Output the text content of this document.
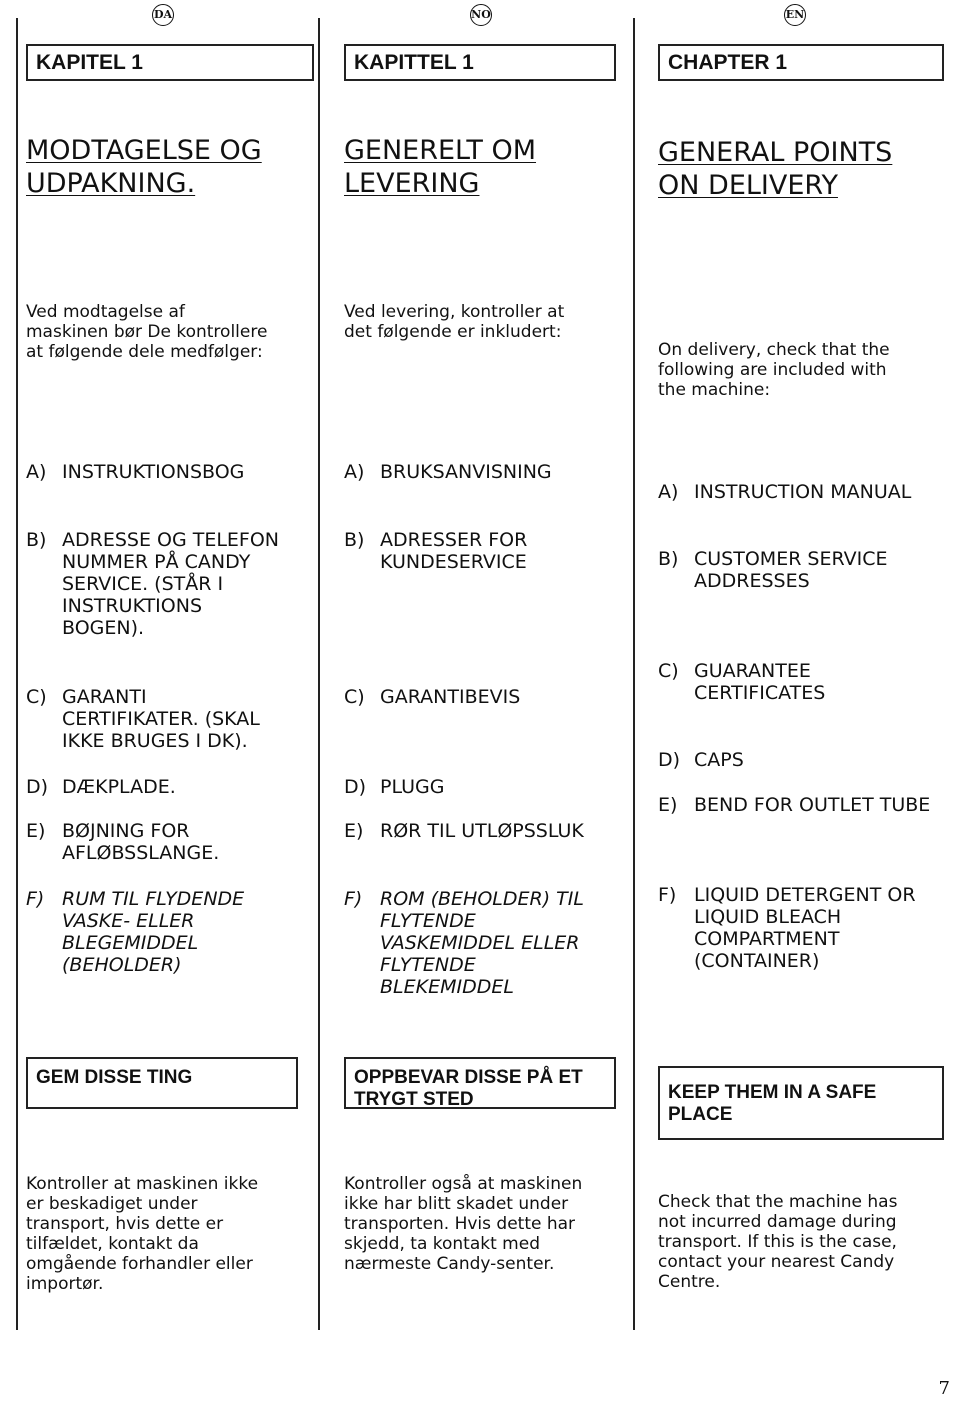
DA	NO	EN
KAPITEL 1
MODTAGELSE OG
UDPAKNING.
Ved modtagelse af
maskinen bør De kontrollere
at følgende dele medfølger:
A) INSTRUKTIONSBOG
B) ADRESSE OG TELEFON
NUMMER PÅ CANDY
SERVICE. (STÅR I
INSTRUKTIONS
BOGEN).
C) GARANTI
CERTIFIKATER. (SKAL
IKKE BRUGES I DK).
D) DÆKPLADE.
E) BØJNING FOR
AFLØBSSLANGE.
F) RUM TIL FLYDENDE
VASKE- ELLER
BLEGEMIDDEL
(BEHOLDER)
GEM DISSE TING
Kontroller at maskinen ikke
er beskadiget under
transport, hvis dette er
tilfældet, kontakt da
omgående forhandler eller
importør.
KAPITTEL 1
GENERELT OM
LEVERING
Ved levering, kontroller at
det følgende er inkludert:
A) BRUKSANVISNING
B) ADRESSER FOR
KUNDESERVICE
C) GARANTIBEVIS
D) PLUGG
E) RØR TIL UTLØPSSLUK
F) ROM (BEHOLDER) TIL
FLYTENDE
VASKEMIDDEL ELLER
FLYTENDE
BLEKEMIDDEL
OPPBEVAR DISSE PÅ ET
TRYGT STED
Kontroller også at maskinen
ikke har blitt skadet under
transporten. Hvis dette har
skjedd, ta kontakt med
nærmeste Candy-senter.
CHAPTER 1
GENERAL POINTS
ON DELIVERY
On delivery, check that the
following are included with
the machine:
A) INSTRUCTION MANUAL
B) CUSTOMER SERVICE
ADDRESSES
C) GUARANTEE
CERTIFICATES
D) CAPS
E) BEND FOR OUTLET TUBE
F) LIQUID DETERGENT OR
LIQUID BLEACH
COMPARTMENT
(CONTAINER)
KEEP THEM IN A SAFE
PLACE
Check that the machine has
not incurred damage during
transport. If this is the case,
contact your nearest Candy
Centre.
7
